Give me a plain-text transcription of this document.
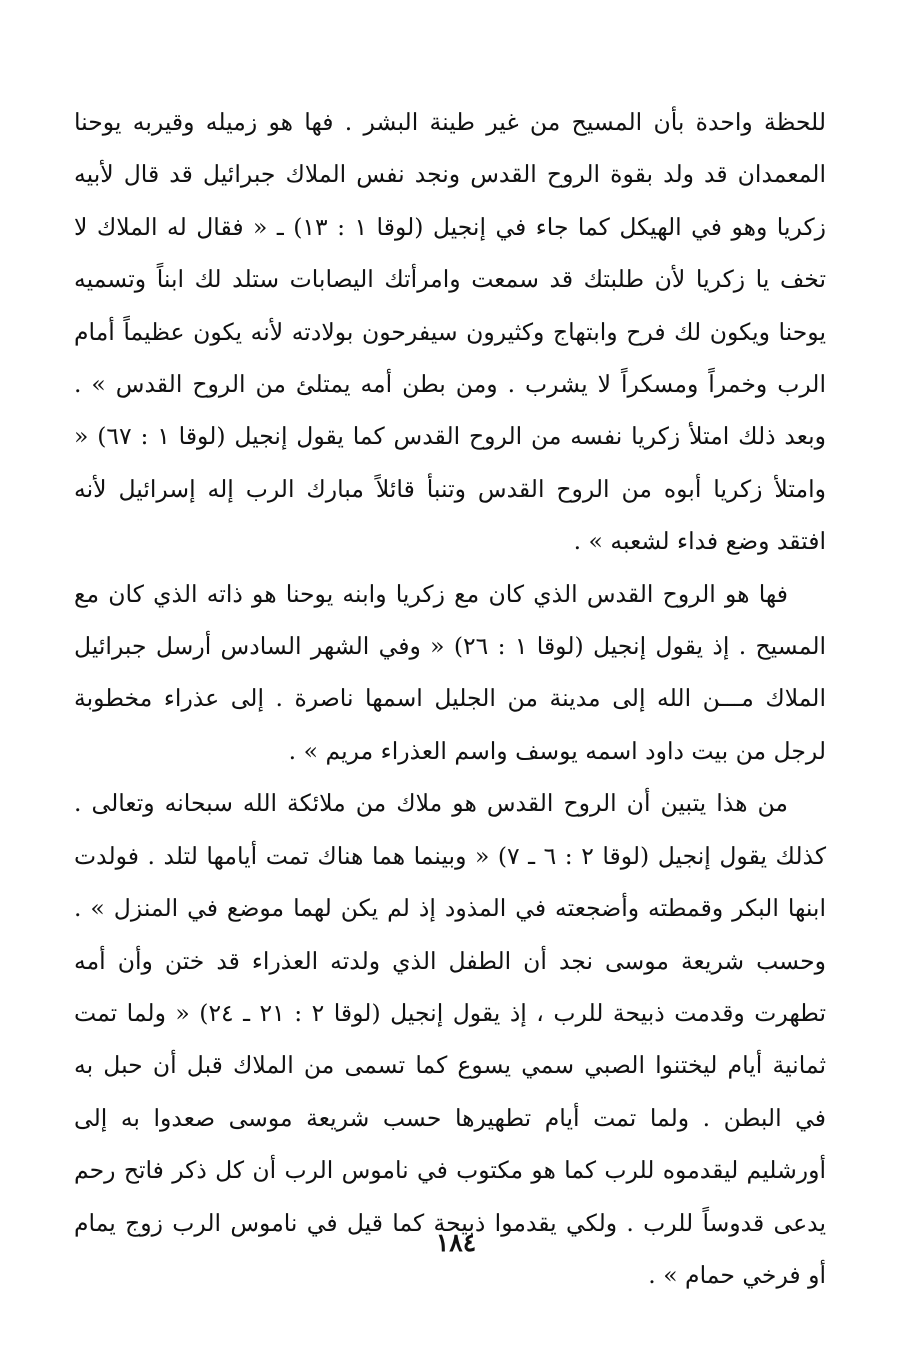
للحظة واحدة بأن المسيح من غير طينة البشر . فها هو زميله وقيربه يوحنا المعمدان قد ولد بقوة الروح القدس ونجد نفس الملاك جبرائيل قد قال لأبيه زكريا وهو في الهيكل كما جاء في إنجيل (لوقا ١ : ١٣) ـ « فقال له الملاك لا تخف يا زكريا لأن طلبتك قد سمعت وامرأتك اليصابات ستلد لك ابناً وتسميه يوحنا ويكون لك فرح وابتهاج وكثيرون سيفرحون بولادته لأنه يكون عظيماً أمام الرب وخمراً ومسكراً لا يشرب . ومن بطن أمه يمتلئ من الروح القدس » . وبعد ذلك امتلأ زكريا نفسه من الروح القدس كما يقول إنجيل (لوقا ١ : ٦٧) « وامتلأ زكريا أبوه من الروح القدس وتنبأ قائلاً مبارك الرب إله إسرائيل لأنه افتقد وضع فداء لشعبه » .

فها هو الروح القدس الذي كان مع زكريا وابنه يوحنا هو ذاته الذي كان مع المسيح . إذ يقول إنجيل (لوقا ١ : ٢٦) « وفي الشهر السادس أرسل جبرائيل الملاك مـــن الله إلى مدينة من الجليل اسمها ناصرة . إلى عذراء مخطوبة لرجل من بيت داود اسمه يوسف واسم العذراء مريم » .

من هذا يتبين أن الروح القدس هو ملاك من ملائكة الله سبحانه وتعالى . كذلك يقول إنجيل (لوقا ٢ : ٦ ـ ٧) « وبينما هما هناك تمت أيامها لتلد . فولدت ابنها البكر وقمطته وأضجعته في المذود إذ لم يكن لهما موضع في المنزل » . وحسب شريعة موسى نجد أن الطفل الذي ولدته العذراء قد ختن وأن أمه تطهرت وقدمت ذبيحة للرب ، إذ يقول إنجيل (لوقا ٢ : ٢١ ـ ٢٤) « ولما تمت ثمانية أيام ليختنوا الصبي سمي يسوع كما تسمى من الملاك قبل أن حبل به في البطن . ولما تمت أيام تطهيرها حسب شريعة موسى صعدوا به إلى أورشليم ليقدموه للرب كما هو مكتوب في ناموس الرب أن كل ذكر فاتح رحم يدعى قدوساً للرب . ولكي يقدموا ذبيحة كما قيل في ناموس الرب زوج يمام أو فرخي حمام » .

١٨٤
